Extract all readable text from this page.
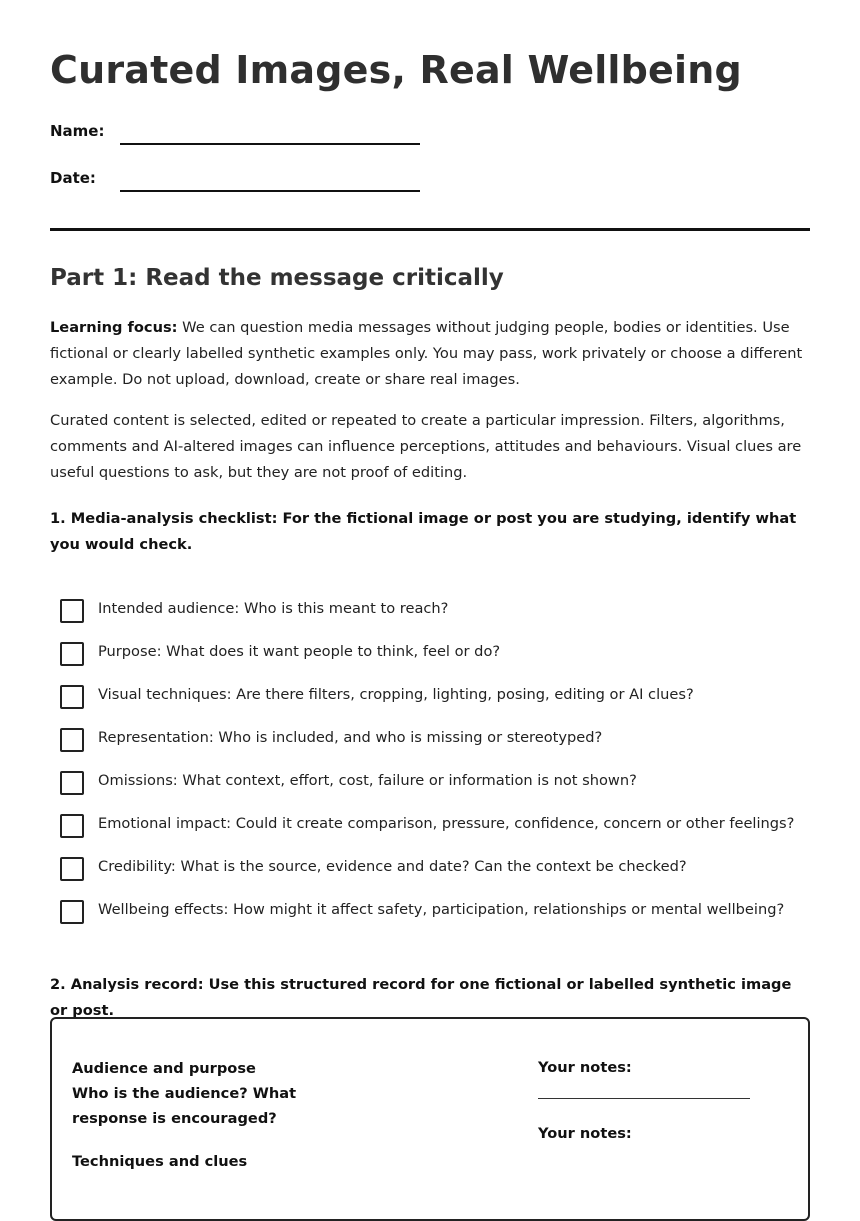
Curated Images, Real Wellbeing
Name:
Date:
Part 1: Read the message critically

Learning focus: We can question media messages without judging people, bodies or identities. Use fictional or clearly labelled synthetic examples only. You may pass, work privately or choose a different example. Do not upload, download, create or share real images.

Curated content is selected, edited or repeated to create a particular impression. Filters, algorithms, comments and AI-altered images can influence perceptions, attitudes and behaviours. Visual clues are useful questions to ask, but they are not proof of editing.

1. Media-analysis checklist: For the fictional image or post you are studying, identify what you would check.

Intended audience: Who is this meant to reach?
Purpose: What does it want people to think, feel or do?
Visual techniques: Are there filters, cropping, lighting, posing, editing or AI clues?
Representation: Who is included, and who is missing or stereotyped?
Omissions: What context, effort, cost, failure or information is not shown?
Emotional impact: Could it create comparison, pressure, confidence, concern or other feelings?
Credibility: What is the source, evidence and date? Can the context be checked?
Wellbeing effects: How might it affect safety, participation, relationships or mental wellbeing?

2. Analysis record: Use this structured record for one fictional or labelled synthetic image or post.

Audience and purpose
Who is the audience? What response is encouraged?
Techniques and clues
Your notes:
Your notes:
